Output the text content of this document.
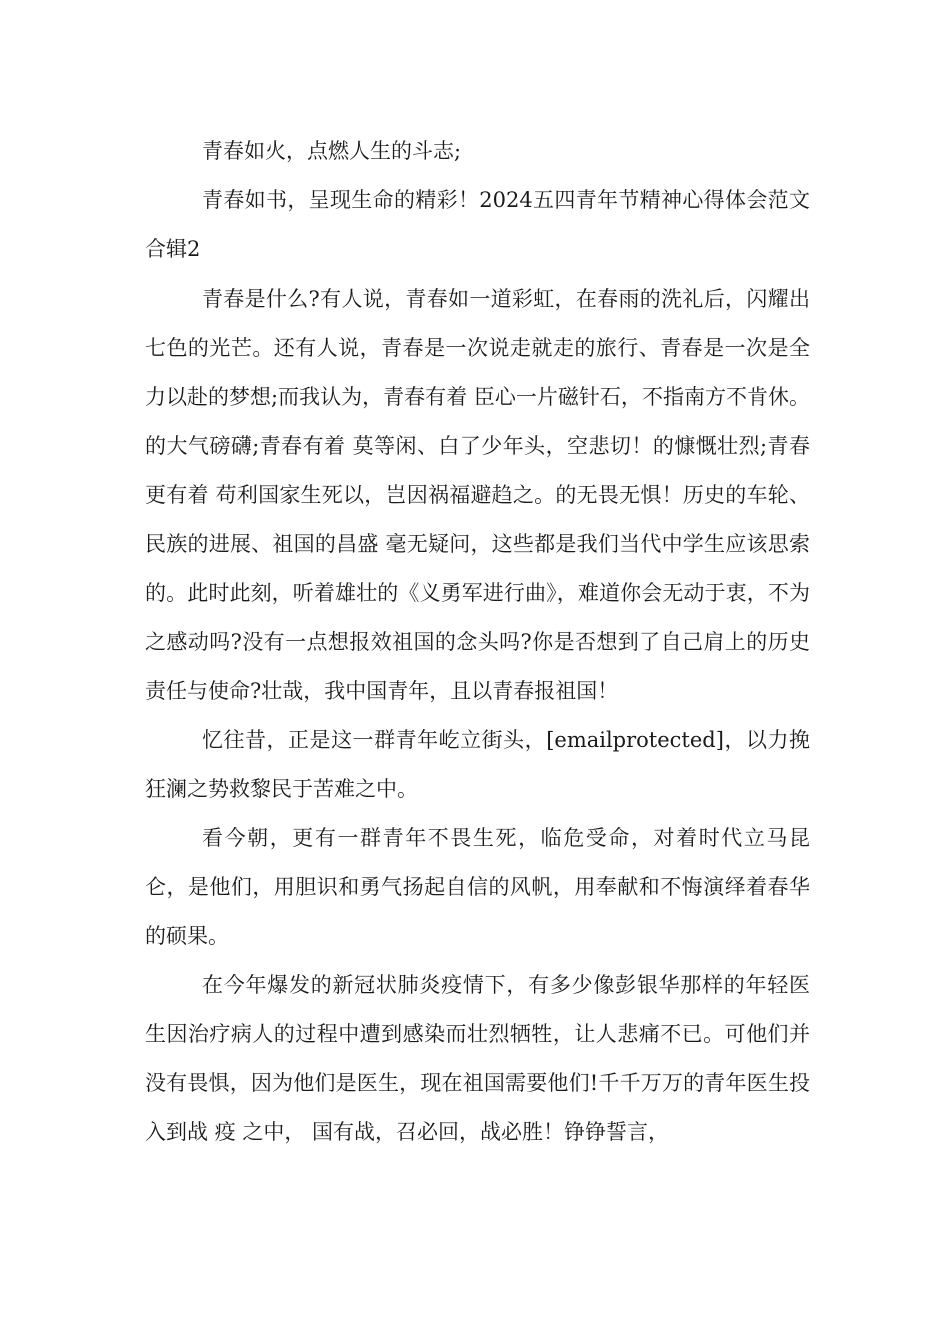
青春如火，点燃人生的斗志;

青春如书，呈现生命的精彩！2024五四青年节精神心得体会范文合辑2

青春是什么?有人说，青春如一道彩虹，在春雨的洗礼后，闪耀出七色的光芒。还有人说，青春是一次说走就走的旅行、青春是一次是全力以赴的梦想;而我认为，青春有着 臣心一片磁针石，不指南方不肯休。 的大气磅礴;青春有着 莫等闲、白了少年头，空悲切！的慷慨壮烈;青春更有着 苟利国家生死以，岂因祸福避趋之。的无畏无惧！历史的车轮、民族的进展、祖国的昌盛 毫无疑问，这些都是我们当代中学生应该思索的。此时此刻，听着雄壮的《义勇军进行曲》，难道你会无动于衷，不为之感动吗?没有一点想报效祖国的念头吗?你是否想到了自己肩上的历史责任与使命?壮哉，我中国青年，且以青春报祖国！

忆往昔，正是这一群青年屹立街头，[emailprotected]，以力挽狂澜之势救黎民于苦难之中。

看今朝，更有一群青年不畏生死，临危受命，对着时代立马昆仑，是他们，用胆识和勇气扬起自信的风帆，用奉献和不悔演绎着春华的硕果。

在今年爆发的新冠状肺炎疫情下，有多少像彭银华那样的年轻医生因治疗病人的过程中遭到感染而壮烈牺牲，让人悲痛不已。可他们并没有畏惧，因为他们是医生，现在祖国需要他们!千千万万的青年医生投入到战 疫 之中， 国有战，召必回，战必胜！铮铮誓言，
